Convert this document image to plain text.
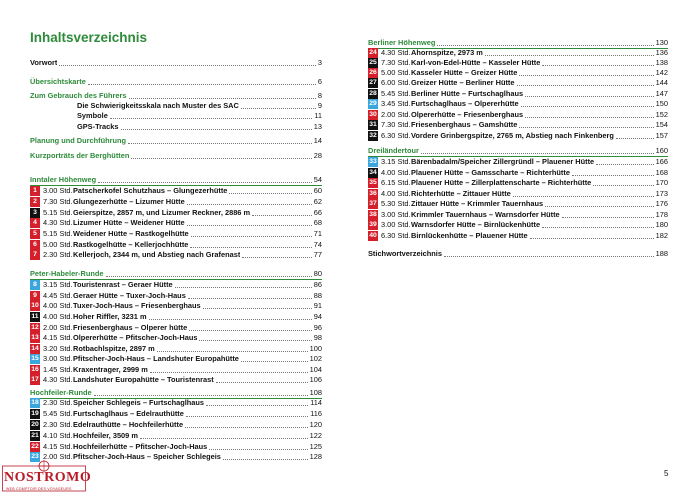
Inhaltsverzeichnis
Vorwort	3
Übersichtskarte	6
Zum Gebrauch des Führers	8
Die Schwierigkeitsskala nach Muster des SAC	9
Symbole	11
GPS-Tracks	13
Planung und Durchführung	14
Kurzporträts der Berghütten	28
Inntaler Höhenweg	54
1 3.00 Std. Patscherkofel Schutzhaus – Glungezerhütte	60
2 7.30 Std. Glungezerhütte – Lizumer Hütte	62
3 5.15 Std. Geierspitze, 2857 m, und Lizumer Reckner, 2886 m	66
4 4.30 Std. Lizumer Hütte – Weidener Hütte	68
5 5.15 Std. Weidener Hütte – Rastkogelhütte	71
6 5.00 Std. Rastkogelhütte – Kellerjochhütte	74
7 2.30 Std. Kellerjoch, 2344 m, und Abstieg nach Grafenast	77
Peter-Habeler-Runde	80
8 3.15 Std. Touristenrast – Geraer Hütte	86
9 4.45 Std. Geraer Hütte – Tuxer-Joch-Haus	88
10 4.00 Std. Tuxer-Joch-Haus – Friesenberghaus	91
11 4.00 Std. Hoher Riffler, 3231 m	94
12 2.00 Std. Friesenberghaus – Olperer hütte	96
13 4.15 Std. Olpererhütte – Pfitscher-Joch-Haus	98
14 3.20 Std. Rotbachlspitze, 2897 m	100
15 3.00 Std. Pfitscher-Joch-Haus – Landshuter Europahütte	102
16 1.45 Std. Kraxentrager, 2999 m	104
17 4.30 Std. Landshuter Europahütte – Touristenrast	106
Hochfeiler-Runde	108
18 2.30 Std. Speicher Schlegeis – Furtschaglhaus	114
19 5.45 Std. Furtschaglhaus – Edelrauthütte	116
20 2.30 Std. Edelrauthütte – Hochfeilerhütte	120
21 4.10 Std. Hochfeiler, 3509 m	122
22 4.15 Std. Hochfeilerhütte – Pfitscher-Joch-Haus	125
23 2.00 Std. Pfitscher-Joch-Haus – Speicher Schlegeis	128
Berliner Höhenweg	130
24 4.30 Std. Ahornspitze, 2973 m	136
25 7.30 Std. Karl-von-Edel-Hütte – Kasseler Hütte	138
26 5.00 Std. Kasseler Hütte – Greizer Hütte	142
27 6.00 Std. Greizer Hütte – Berliner Hütte	144
28 5.45 Std. Berliner Hütte – Furtschaglhaus	147
29 3.45 Std. Furtschaglhaus – Olpererhütte	150
30 2.00 Std. Olpererhütte – Friesenberghaus	152
31 7.30 Std. Friesenberghaus – Gamshütte	154
32 6.30 Std. Vordere Grinbergspitze, 2765 m, Abstieg nach Finkenberg	157
Dreiländertour	160
33 3.15 Std. Bärenbadalm/Speicher Zillergründl – Plauener Hütte	166
34 4.00 Std. Plauener Hütte – Gamsscharte – Richterhütte	168
35 6.15 Std. Plauener Hütte – Zillerplattenscharte – Richterhütte	170
36 4.00 Std. Richterhütte – Zittauer Hütte	173
37 5.30 Std. Zittauer Hütte – Krimmler Tauernhaus	176
38 3.00 Std. Krimmler Tauernhaus – Warnsdorfer Hütte	178
39 3.00 Std. Warnsdorfer Hütte – Birnlückenhütte	180
40 6.30 Std. Birnlückenhütte – Plauener Hütte	182
Stichwortverzeichnis	188
5
NOSTROMO
WEB COMPTOIR DES VOYAGEURS
